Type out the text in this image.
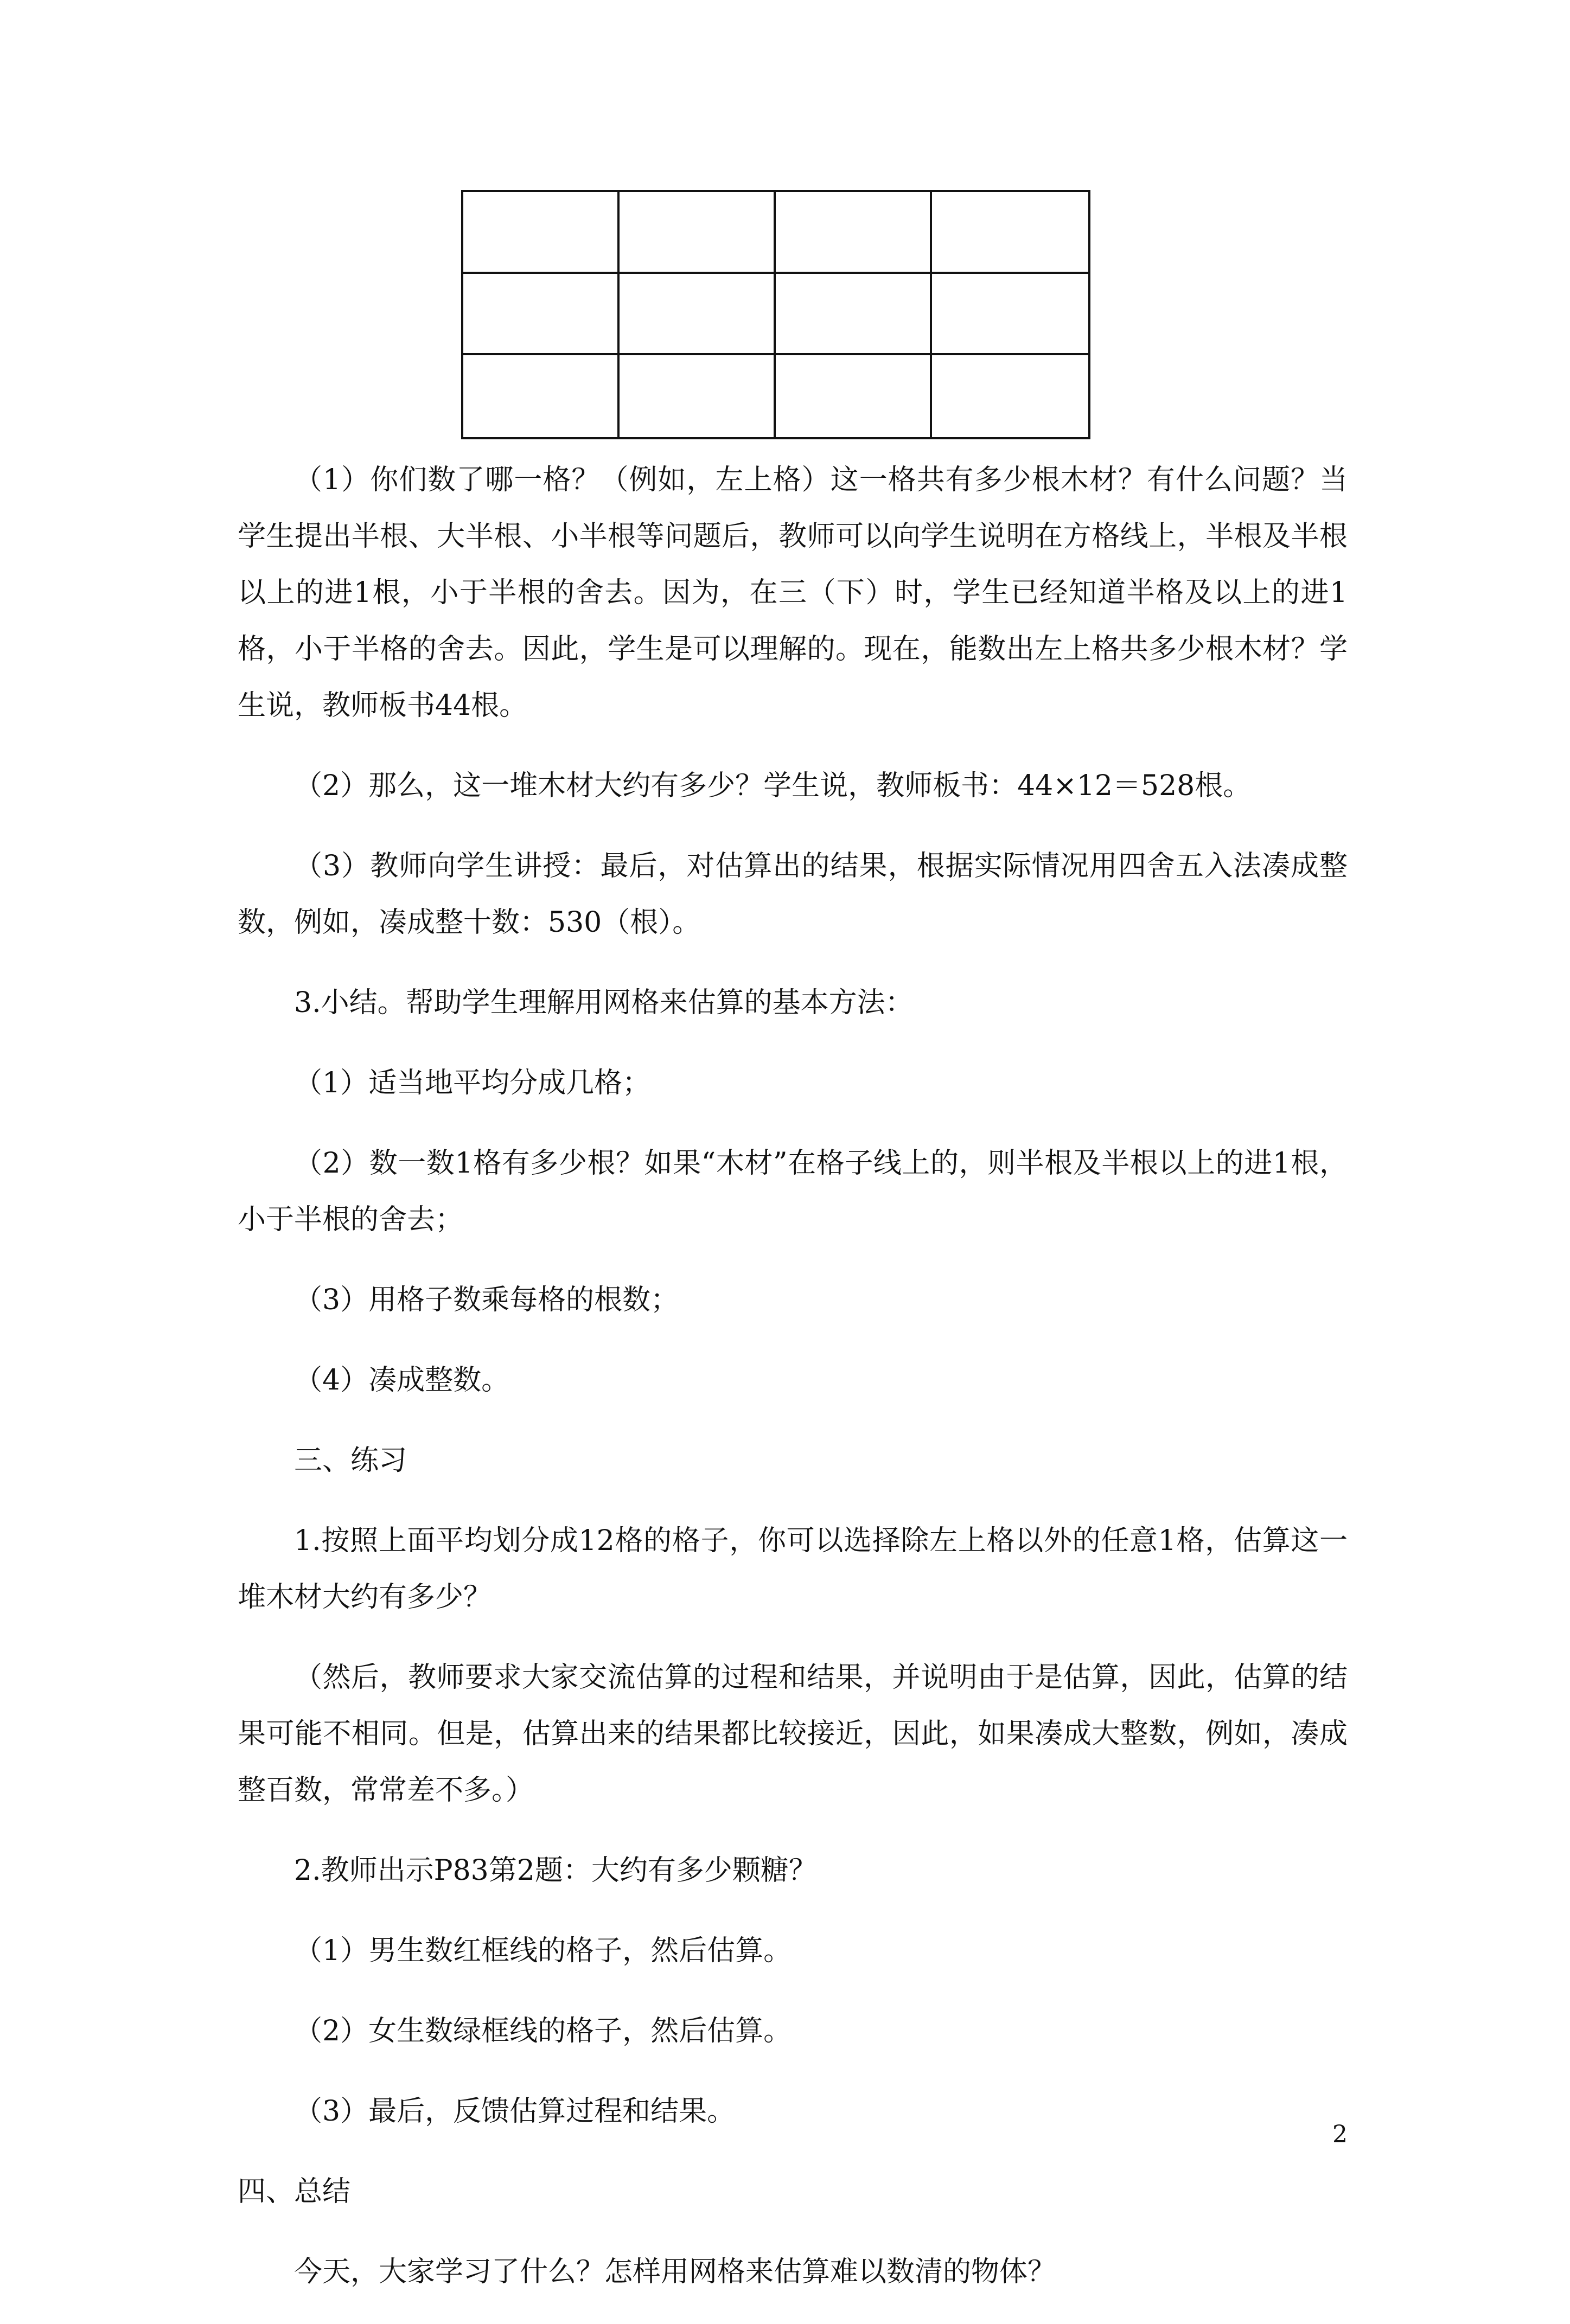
（1）你们数了哪一格？（例如，左上格）这一格共有多少根木材？有什么问题？当学生提出半根、大半根、小半根等问题后，教师可以向学生说明在方格线上，半根及半根以上的进1根，小于半根的舍去。因为，在三（下）时，学生已经知道半格及以上的进1格，小于半格的舍去。因此，学生是可以理解的。现在，能数出左上格共多少根木材？学生说，教师板书44根。

（2）那么，这一堆木材大约有多少？学生说，教师板书：44×12＝528根。

（3）教师向学生讲授：最后，对估算出的结果，根据实际情况用四舍五入法凑成整数，例如，凑成整十数：530（根）。

3.小结。帮助学生理解用网格来估算的基本方法：

（1）适当地平均分成几格；

（2）数一数1格有多少根？如果“木材”在格子线上的，则半根及半根以上的进1根，小于半根的舍去；

（3）用格子数乘每格的根数；

（4）凑成整数。

三、练习

1.按照上面平均划分成12格的格子，你可以选择除左上格以外的任意1格，估算这一堆木材大约有多少？

（然后，教师要求大家交流估算的过程和结果，并说明由于是估算，因此，估算的结果可能不相同。但是，估算出来的结果都比较接近，因此，如果凑成大整数，例如，凑成整百数，常常差不多。）

2.教师出示P83第2题：大约有多少颗糖？

（1）男生数红框线的格子，然后估算。

（2）女生数绿框线的格子，然后估算。

（3）最后，反馈估算过程和结果。

四、总结

今天，大家学习了什么？怎样用网格来估算难以数清的物体？

2
